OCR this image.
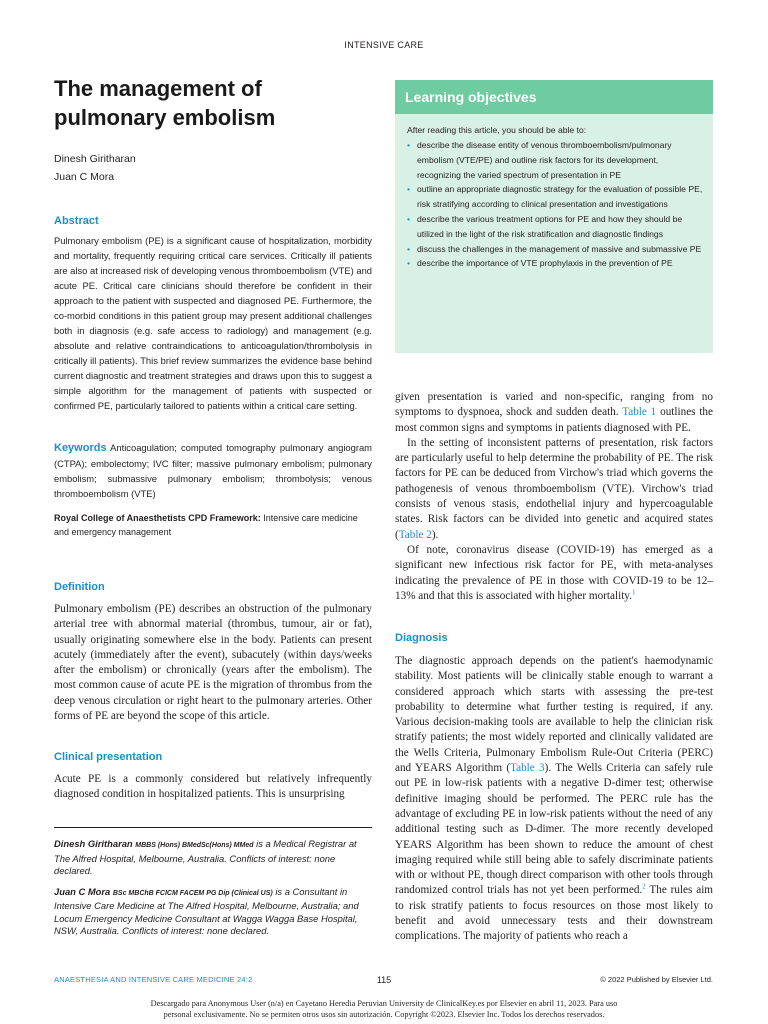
INTENSIVE CARE
The management of pulmonary embolism
Dinesh Giritharan
Juan C Mora
Abstract
Pulmonary embolism (PE) is a significant cause of hospitalization, morbidity and mortality, frequently requiring critical care services. Critically ill patients are also at increased risk of developing venous thromboembolism (VTE) and acute PE. Critical care clinicians should therefore be confident in their approach to the patient with suspected and diagnosed PE. Furthermore, the co-morbid conditions in this patient group may present additional challenges both in diagnosis (e.g. safe access to radiology) and management (e.g. absolute and relative contraindications to anticoagulation/thrombolysis in critically ill patients). This brief review summarizes the evidence base behind current diagnostic and treatment strategies and draws upon this to suggest a simple algorithm for the management of patients with suspected or confirmed PE, particularly tailored to patients within a critical care setting.
Keywords Anticoagulation; computed tomography pulmonary angiogram (CTPA); embolectomy; IVC filter; massive pulmonary embolism; pulmonary embolism; submassive pulmonary embolism; thrombolysis; venous thromboembolism (VTE)
Royal College of Anaesthetists CPD Framework: Intensive care medicine and emergency management
Learning objectives
After reading this article, you should be able to:
• describe the disease entity of venous thromboembolism/pulmonary embolism (VTE/PE) and outline risk factors for its development, recognizing the varied spectrum of presentation in PE
• outline an appropriate diagnostic strategy for the evaluation of possible PE, risk stratifying according to clinical presentation and investigations
• describe the various treatment options for PE and how they should be utilized in the light of the risk stratification and diagnostic findings
• discuss the challenges in the management of massive and submassive PE
• describe the importance of VTE prophylaxis in the prevention of PE
Definition
Pulmonary embolism (PE) describes an obstruction of the pulmonary arterial tree with abnormal material (thrombus, tumour, air or fat), usually originating somewhere else in the body. Patients can present acutely (immediately after the event), subacutely (within days/weeks after the embolism) or chronically (years after the embolism). The most common cause of acute PE is the migration of thrombus from the deep venous circulation or right heart to the pulmonary arteries. Other forms of PE are beyond the scope of this article.
Clinical presentation
Acute PE is a commonly considered but relatively infrequently diagnosed condition in hospitalized patients. This is unsurprising

Dinesh Giritharan MBBS (Hons) BMedSc(Hons) MMed is a Medical Registrar at The Alfred Hospital, Melbourne, Australia. Conflicts of interest: none declared.

Juan C Mora BSc MBChB FCICM FACEM PG Dip (Clinical US) is a Consultant in Intensive Care Medicine at The Alfred Hospital, Melbourne, Australia; and Locum Emergency Medicine Consultant at Wagga Wagga Base Hospital, NSW, Australia. Conflicts of interest: none declared.

given presentation is varied and non-specific, ranging from no symptoms to dyspnoea, shock and sudden death. Table 1 outlines the most common signs and symptoms in patients diagnosed with PE.

In the setting of inconsistent patterns of presentation, risk factors are particularly useful to help determine the probability of PE. The risk factors for PE can be deduced from Virchow's triad which governs the pathogenesis of venous thromboembolism (VTE). Virchow's triad consists of venous stasis, endothelial injury and hypercoagulable states. Risk factors can be divided into genetic and acquired states (Table 2).

Of note, coronavirus disease (COVID-19) has emerged as a significant new infectious risk factor for PE, with meta-analyses indicating the prevalence of PE in those with COVID-19 to be 12–13% and that this is associated with higher mortality.$^1$

Diagnosis

The diagnostic approach depends on the patient's haemodynamic stability. Most patients will be clinically stable enough to warrant a considered approach which starts with assessing the pre-test probability to determine what further testing is required, if any. Various decision-making tools are available to help the clinician risk stratify patients; the most widely reported and clinically validated are the Wells Criteria, Pulmonary Embolism Rule-Out Criteria (PERC) and YEARS Algorithm (Table 3). The Wells Criteria can safely rule out PE in low-risk patients with a negative D-dimer test; otherwise definitive imaging should be performed. The PERC rule has the advantage of excluding PE in low-risk patients without the need of any additional testing such as D-dimer. The more recently developed YEARS Algorithm has been shown to reduce the amount of chest imaging required while still being able to safely discriminate patients with or without PE, though direct comparison with other tools through randomized control trials has not yet been performed.$^2$ The rules aim to risk stratify patients to focus resources on those most likely to benefit and avoid unnecessary tests and their downstream complications. The majority of patients who reach a

115
ANAESTHESIA AND INTENSIVE CARE MEDICINE 24:2	© 2022 Published by Elsevier Ltd.
Descargado para Anonymous User (n/a) en Cayetano Heredia Peruvian University de ClinicalKey.es por Elsevier en abril 11, 2023. Para uso
personal exclusivamente. No se permiten otros usos sin autorización. Copyright ©2023. Elsevier Inc. Todos los derechos reservados.
